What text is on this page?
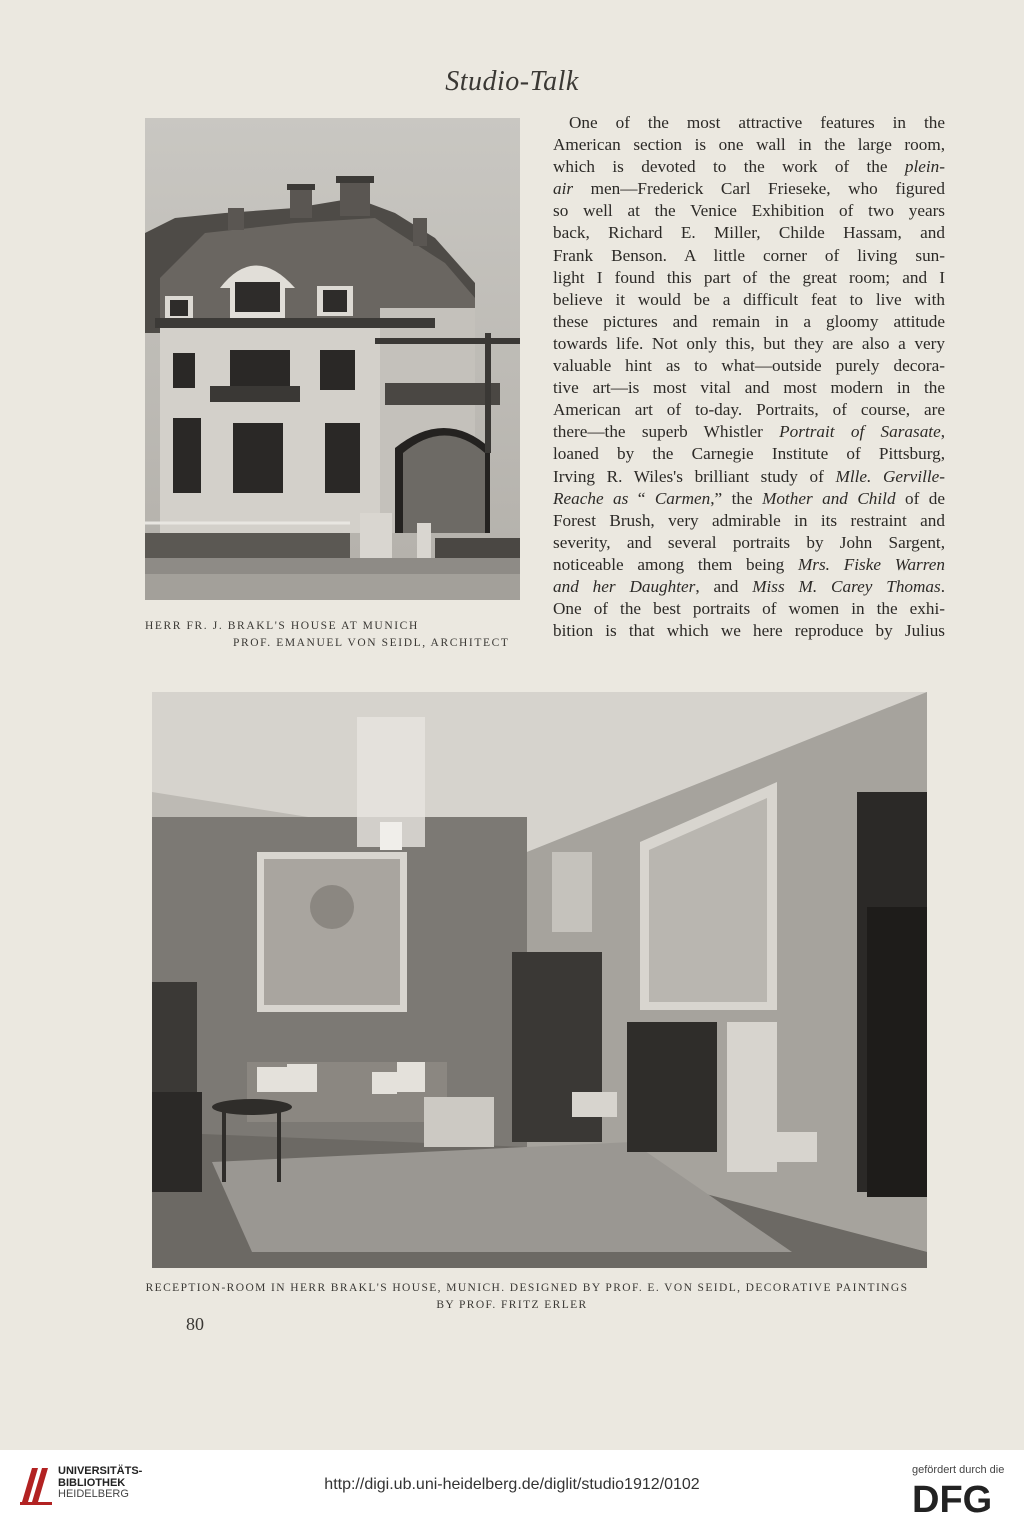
Studio-Talk
HERR FR. J. BRAKL'S HOUSE AT MUNICH
PROF. EMANUEL VON SEIDL, ARCHITECT
One of the most attractive features in the
American section is one wall in the large room,
which is devoted to the work of the plein-
air men—Frederick Carl Frieseke, who figured
so well at the Venice Exhibition of two years
back, Richard E. Miller, Childe Hassam, and
Frank Benson. A little corner of living sun-
light I found this part of the great room; and I
believe it would be a difficult feat to live with
these pictures and remain in a gloomy attitude
towards life. Not only this, but they are also a very
valuable hint as to what—outside purely decora-
tive art—is most vital and most modern in the
American art of to-day. Portraits, of course, are
there—the superb Whistler Portrait of Sarasate,
loaned by the Carnegie Institute of Pittsburg,
Irving R. Wiles's brilliant study of Mlle. Gerville-
Reache as “ Carmen,” the Mother and Child of de
Forest Brush, very admirable in its restraint and
severity, and several portraits by John Sargent,
noticeable among them being Mrs. Fiske Warren
and her Daughter, and Miss M. Carey Thomas.
One of the best portraits of women in the exhi-
bition is that which we here reproduce by Julius
RECEPTION-ROOM IN HERR BRAKL'S HOUSE, MUNICH. DESIGNED BY PROF. E. VON SEIDL, DECORATIVE PAINTINGS
BY PROF. FRITZ ERLER
80
UNIVERSITÄTS-
BIBLIOTHEK
HEIDELBERG
http://digi.ub.uni-heidelberg.de/diglit/studio1912/0102
gefördert durch die
DFG
